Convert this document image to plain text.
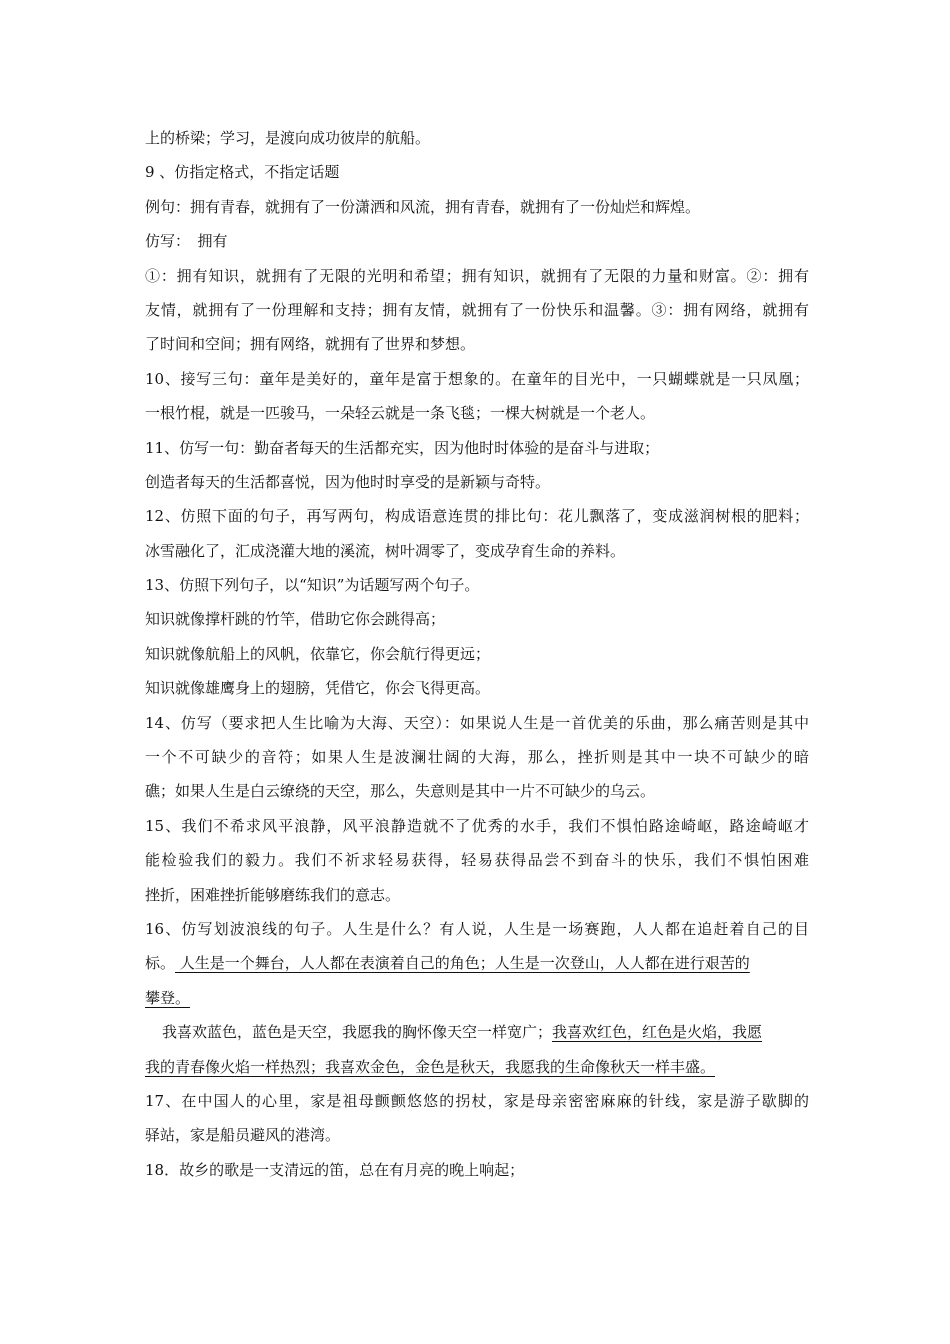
上的桥梁；学习，是渡向成功彼岸的航船。
9 、仿指定格式，不指定话题
例句：拥有青春，就拥有了一份潇洒和风流，拥有青春，就拥有了一份灿烂和辉煌。
仿写：　拥有
①：拥有知识，就拥有了无限的光明和希望；拥有知识，就拥有了无限的力量和财富。②：拥有
友情，就拥有了一份理解和支持；拥有友情，就拥有了一份快乐和温馨。③：拥有网络，就拥有
了时间和空间；拥有网络，就拥有了世界和梦想。
10、接写三句：童年是美好的，童年是富于想象的。在童年的目光中，一只蝴蝶就是一只凤凰；
一根竹棍，就是一匹骏马，一朵轻云就是一条飞毯；一棵大树就是一个老人。
11、仿写一句：勤奋者每天的生活都充实，因为他时时体验的是奋斗与进取；
创造者每天的生活都喜悦，因为他时时享受的是新颖与奇特。
12、仿照下面的句子，再写两句，构成语意连贯的排比句：花儿飘落了，变成滋润树根的肥料；
冰雪融化了，汇成浇灌大地的溪流，树叶凋零了，变成孕育生命的养料。
13、仿照下列句子，以“知识”为话题写两个句子。
知识就像撑杆跳的竹竿，借助它你会跳得高；
知识就像航船上的风帆，依靠它，你会航行得更远；
知识就像雄鹰身上的翅膀，凭借它，你会飞得更高。
14、仿写（要求把人生比喻为大海、天空）：如果说人生是一首优美的乐曲，那么痛苦则是其中
一个不可缺少的音符；如果人生是波澜壮阔的大海，那么，挫折则是其中一块不可缺少的暗
礁；如果人生是白云缭绕的天空，那么，失意则是其中一片不可缺少的乌云。
15、我们不希求风平浪静，风平浪静造就不了优秀的水手，我们不惧怕路途崎岖，路途崎岖才
能检验我们的毅力。我们不祈求轻易获得，轻易获得品尝不到奋斗的快乐，我们不惧怕困难
挫折，困难挫折能够磨练我们的意志。
16、仿写划波浪线的句子。人生是什么？有人说，人生是一场赛跑，人人都在追赶着自己的目
标。 人生是一个舞台，人人都在表演着自己的角色；人生是一次登山，人人都在进行艰苦的
攀登。
我喜欢蓝色，蓝色是天空，我愿我的胸怀像天空一样宽广；我喜欢红色，红色是火焰，我愿
我的青春像火焰一样热烈；我喜欢金色，金色是秋天，我愿我的生命像秋天一样丰盛。
17、在中国人的心里，家是祖母颤颤悠悠的拐杖，家是母亲密密麻麻的针线，家是游子歇脚的
驿站，家是船员避风的港湾。
18．故乡的歌是一支清远的笛，总在有月亮的晚上响起；
